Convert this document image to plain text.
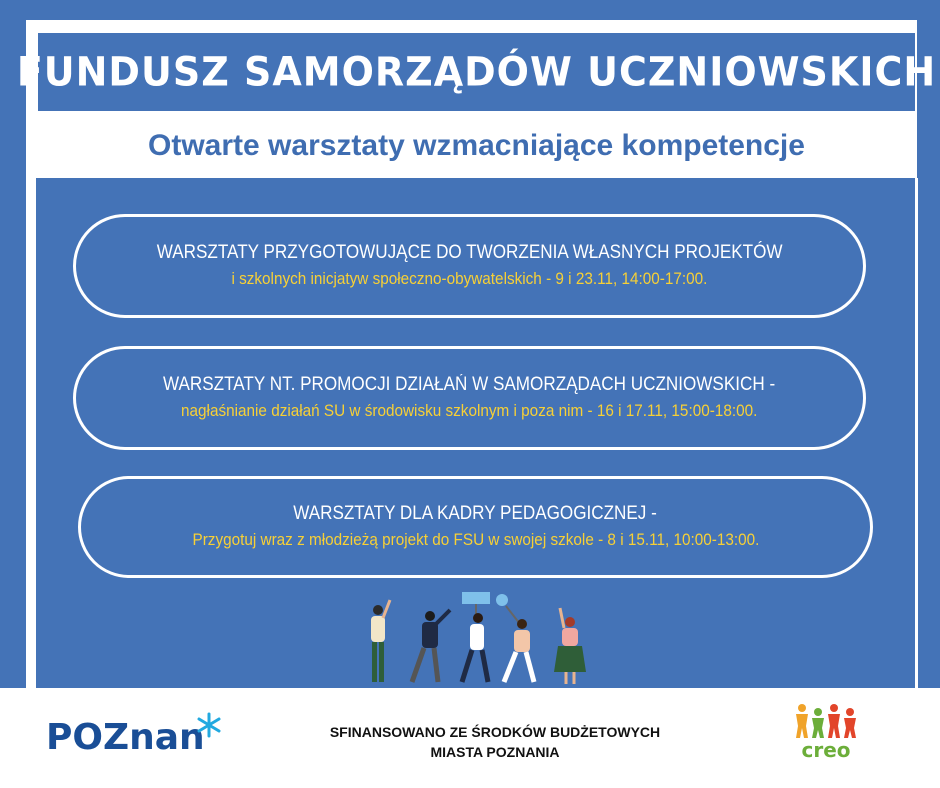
FUNDUSZ SAMORZĄDÓW UCZNIOWSKICH
Otwarte warsztaty wzmacniające kompetencje
WARSZTATY PRZYGOTOWUJĄCE DO TWORZENIA WŁASNYCH PROJEKTÓW
i szkolnych inicjatyw społeczno-obywatelskich - 9 i 23.11, 14:00-17:00.
WARSZTATY NT. PROMOCJI DZIAŁAŃ W SAMORZĄDACH UCZNIOWSKICH -
nagłaśnianie działań SU w środowisku szkolnym i poza nim - 16 i 17.11, 15:00-18:00.
WARSZTATY DLA KADRY PEDAGOGICZNEJ -
Przygotuj wraz z młodzieżą projekt do FSU w swojej szkole - 8 i 15.11, 10:00-13:00.
POZnan	SFINANSOWANO ZE ŚRODKÓW BUDŻETOWYCH
MIASTA POZNANIA	creo
